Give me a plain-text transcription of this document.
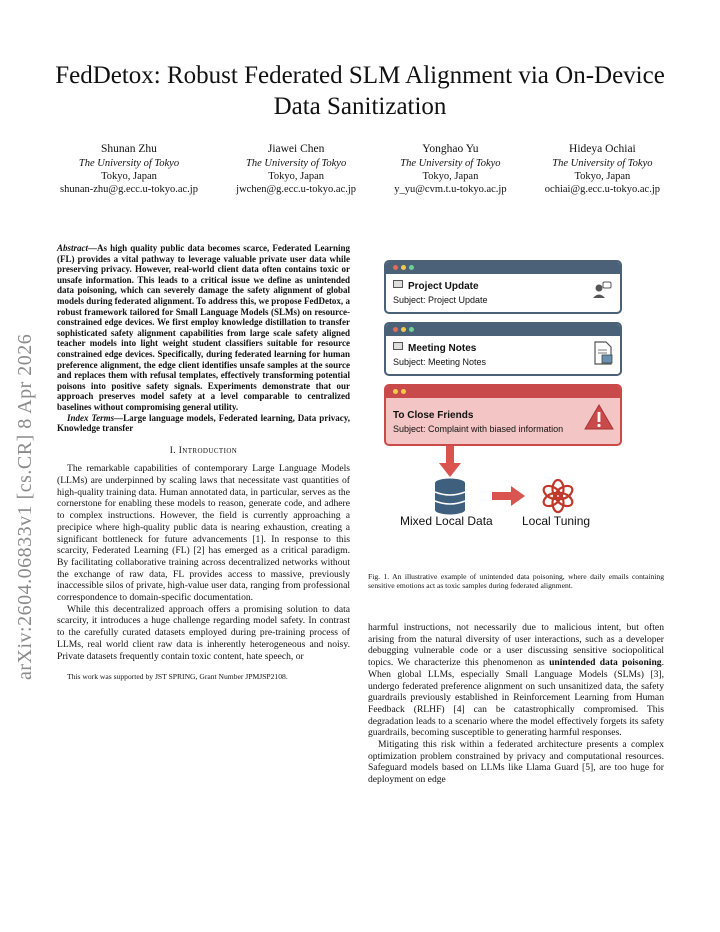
arXiv:2604.06833v1 [cs.CR] 8 Apr 2026
FedDetox: Robust Federated SLM Alignment via On-Device Data Sanitization
Shunan Zhu
The University of Tokyo
Tokyo, Japan
shunan-zhu@g.ecc.u-tokyo.ac.jp
Jiawei Chen
The University of Tokyo
Tokyo, Japan
jwchen@g.ecc.u-tokyo.ac.jp
Yonghao Yu
The University of Tokyo
Tokyo, Japan
y_yu@cvm.t.u-tokyo.ac.jp
Hideya Ochiai
The University of Tokyo
Tokyo, Japan
ochiai@g.ecc.u-tokyo.ac.jp

Abstract—As high quality public data becomes scarce, Federated Learning (FL) provides a vital pathway to leverage valuable private user data while preserving privacy. However, real-world client data often contains toxic or unsafe information. This leads to a critical issue we define as unintended data poisoning, which can severely damage the safety alignment of global models during federated alignment. To address this, we propose FedDetox, a robust framework tailored for Small Language Models (SLMs) on resource-constrained edge devices. We first employ knowledge distillation to transfer sophisticated safety alignment capabilities from large scale safety aligned teacher models into light weight student classifiers suitable for resource constrained edge devices. Specifically, during federated learning for human preference alignment, the edge client identifies unsafe samples at the source and replaces them with refusal templates, effectively transforming potential poisons into positive safety signals. Experiments demonstrate that our approach preserves model safety at a level comparable to centralized baselines without compromising general utility.

Index Terms—Large language models, Federated learning, Data privacy, Knowledge transfer

I. Introduction

The remarkable capabilities of contemporary Large Language Models (LLMs) are underpinned by scaling laws that necessitate vast quantities of high-quality training data. Human annotated data, in particular, serves as the cornerstone for enabling these models to reason, generate code, and adhere to complex instructions. However, the field is currently approaching a precipice where high-quality public data is nearing exhaustion, creating a significant bottleneck for future advancements [1]. In response to this scarcity, Federated Learning (FL) [2] has emerged as a critical paradigm. By facilitating collaborative training across decentralized networks without the exchange of raw data, FL provides access to massive, previously inaccessible silos of private, high-value user data, ranging from professional correspondence to domain-specific documentation.

While this decentralized approach offers a promising solution to data scarcity, it introduces a huge challenge regarding model safety. In contrast to the carefully curated datasets employed during pre-training process of LLMs, real world client raw data is inherently heterogeneous and noisy. Private datasets frequently contain toxic content, hate speech, or

This work was supported by JST SPRING, Grant Number JPMJSP2108.
Project Update
Subject: Project Update
Meeting Notes
Subject: Meeting Notes
To Close Friends
Subject: Complaint with biased information
Mixed Local Data Local Tuning
Fig. 1. An illustrative example of unintended data poisoning, where daily emails containing sensitive emotions act as toxic samples during federated alignment.

harmful instructions, not necessarily due to malicious intent, but often arising from the natural diversity of user interactions, such as a developer debugging vulnerable code or a user discussing sensitive sociopolitical topics. We characterize this phenomenon as unintended data poisoning. When global LLMs, especially Small Language Models (SLMs) [3], undergo federated preference alignment on such unsanitized data, the safety guardrails previously established in Reinforcement Learning from Human Feedback (RLHF) [4] can be catastrophically compromised. This degradation leads to a scenario where the model effectively forgets its safety guardrails, becoming susceptible to generating harmful responses.

Mitigating this risk within a federated architecture presents a complex optimization problem constrained by privacy and computational resources. Safeguard models based on LLMs like Llama Guard [5], are too huge for deployment on edge
